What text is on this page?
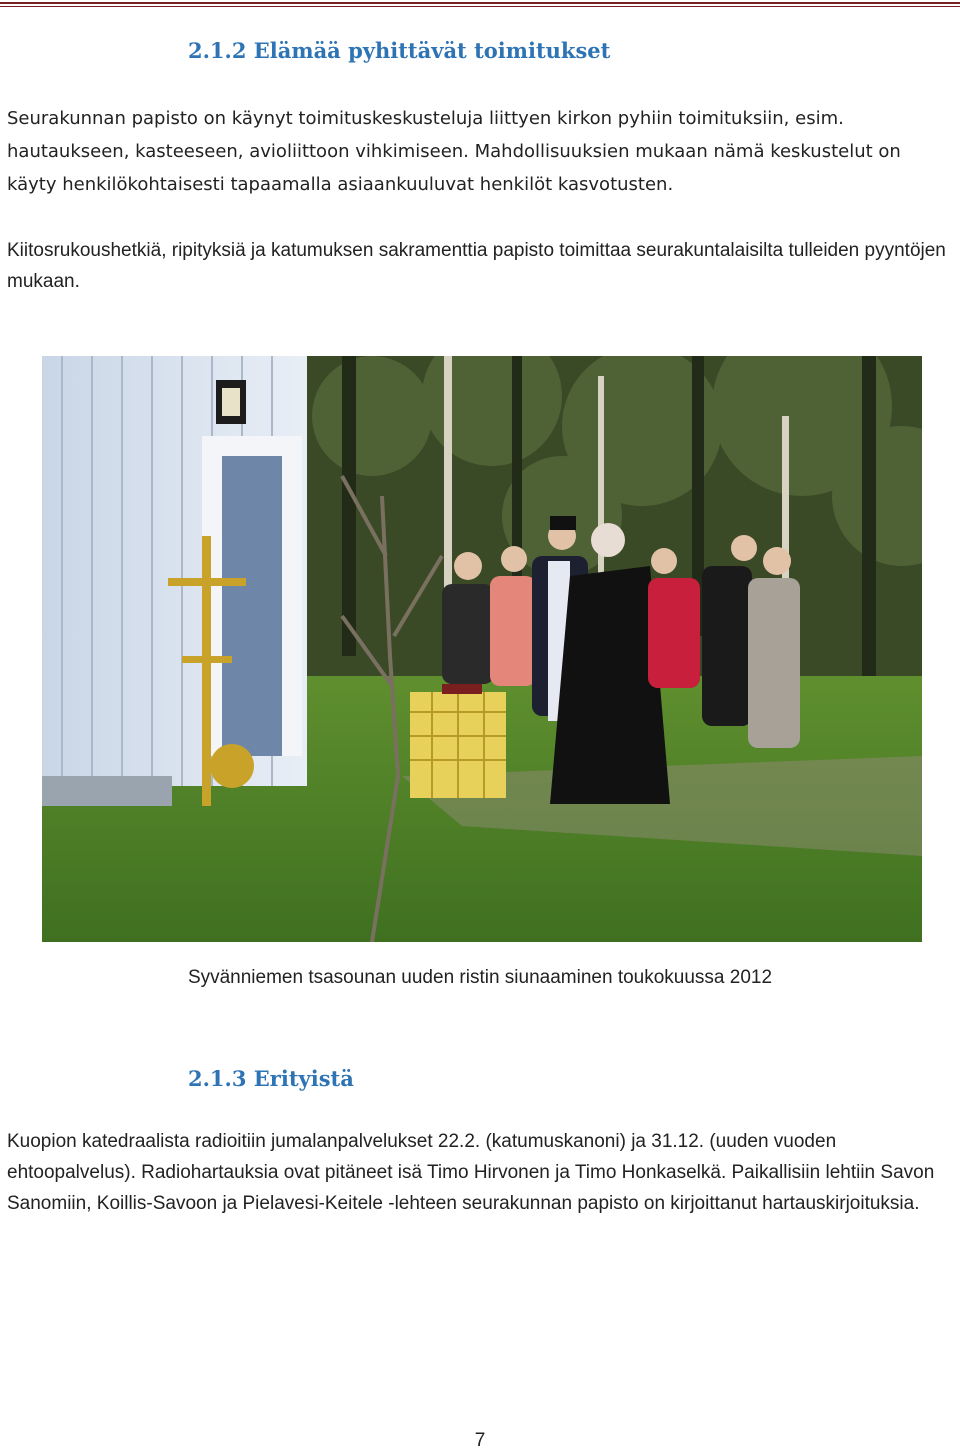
2.1.2 Elämää pyhittävät toimitukset

Seurakunnan papisto on käynyt toimituskeskusteluja liittyen kirkon pyhiin toimituksiin, esim. hautaukseen, kasteeseen, avioliittoon vihkimiseen. Mahdollisuuksien mukaan nämä keskustelut on käyty henkilökohtaisesti tapaamalla asiaankuuluvat henkilöt kasvotusten.

Kiitosrukoushetkiä, ripityksiä ja katumuksen sakramenttia papisto toimittaa seurakuntalaisilta tulleiden pyyntöjen mukaan.

Syvänniemen tsasounan uuden ristin siunaaminen toukokuussa 2012

2.1.3 Erityistä

Kuopion katedraalista radioitiin jumalanpalvelukset 22.2. (katumuskanoni) ja 31.12. (uuden vuoden ehtoopalvelus). Radiohartauksia ovat pitäneet isä Timo Hirvonen ja Timo Honkaselkä. Paikallisiin lehtiin Savon Sanomiin, Koillis-Savoon ja Pielavesi-Keitele -lehteen seurakunnan papisto on kirjoittanut hartauskirjoituksia.

7
